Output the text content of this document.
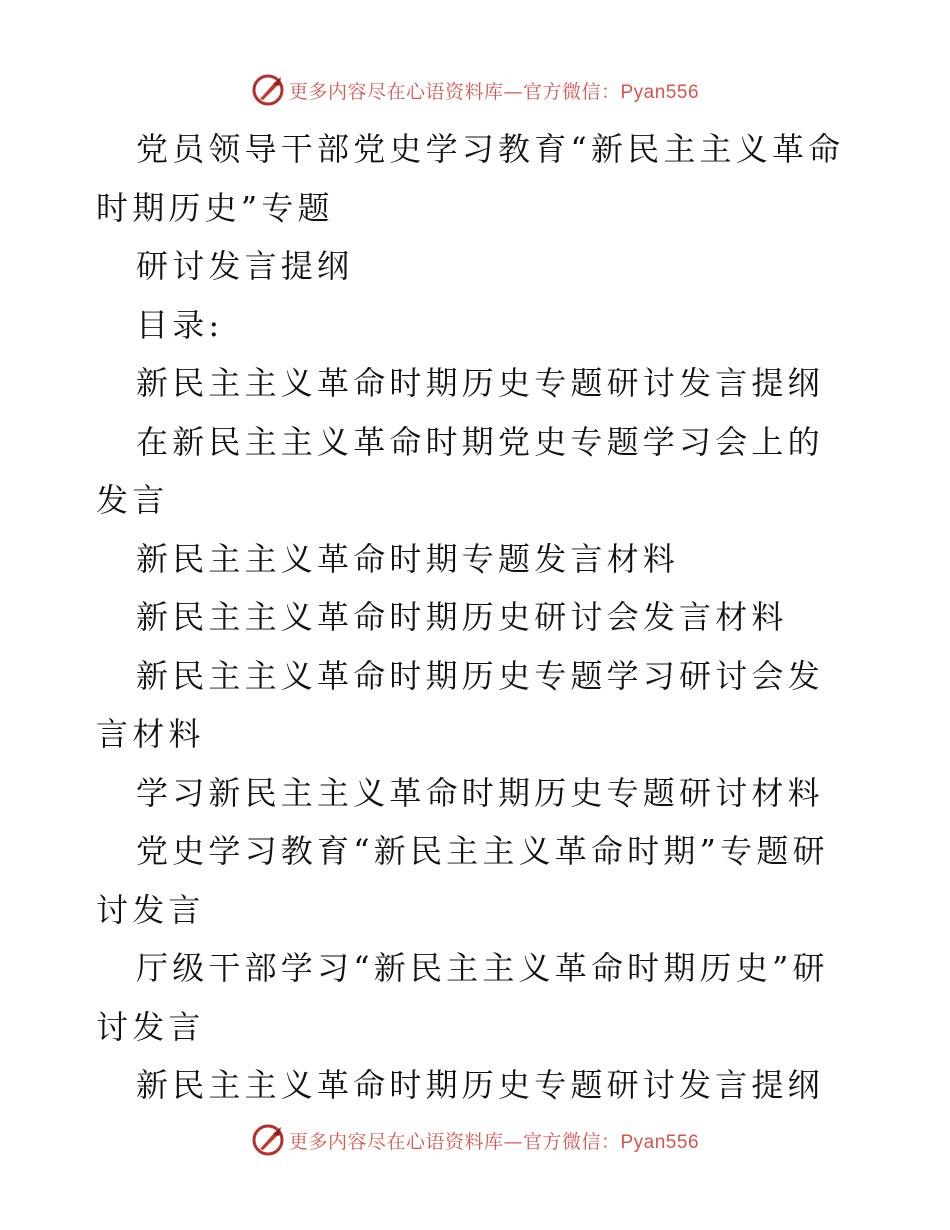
更多内容尽在心语资料库—官方微信：Pyan556

党员领导干部党史学习教育“新民主主义革命时期历史”专题

研讨发言提纲

目录:

新民主主义革命时期历史专题研讨发言提纲

在新民主主义革命时期党史专题学习会上的发言

新民主主义革命时期专题发言材料

新民主主义革命时期历史研讨会发言材料

新民主主义革命时期历史专题学习研讨会发言材料

学习新民主主义革命时期历史专题研讨材料

党史学习教育“新民主主义革命时期”专题研讨发言

厅级干部学习“新民主主义革命时期历史”研讨发言

新民主主义革命时期历史专题研讨发言提纲

更多内容尽在心语资料库—官方微信：Pyan556
